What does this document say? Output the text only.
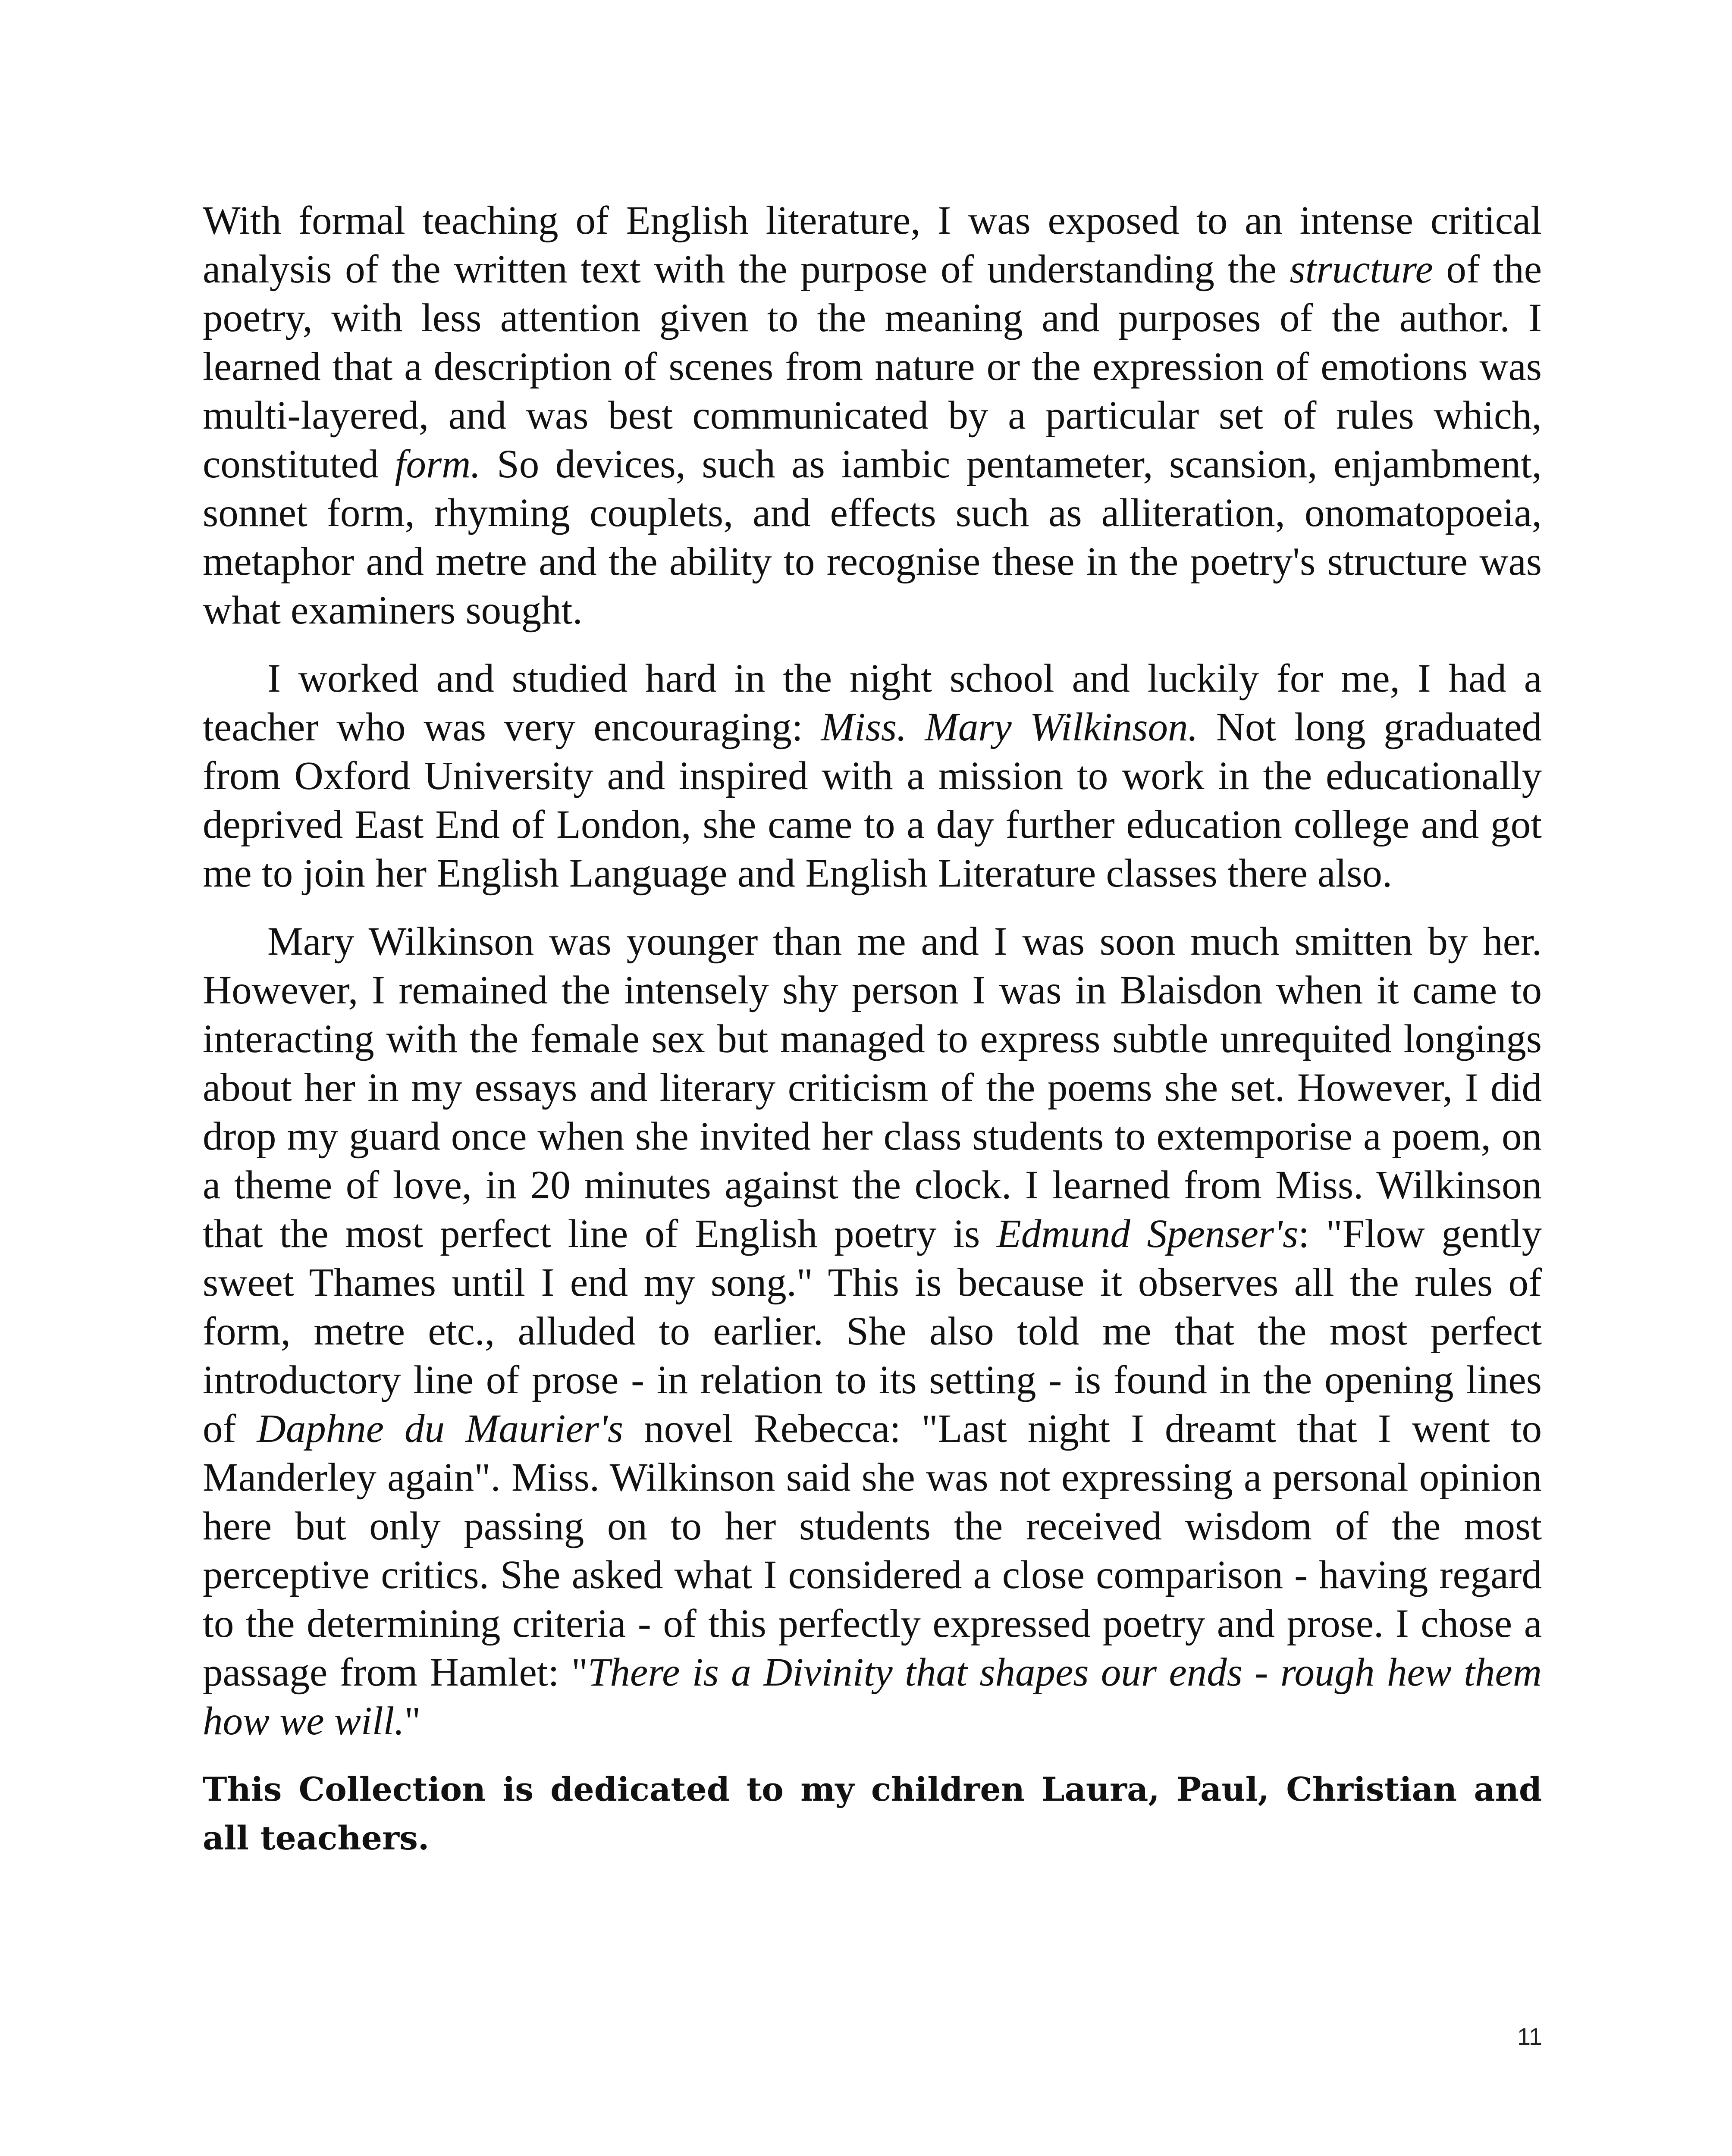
With formal teaching of English literature, I was exposed to an intense critical analysis of the written text with the purpose of understanding the structure of the poetry, with less attention given to the meaning and purposes of the author. I learned that a description of scenes from nature or the expression of emotions was multi-layered, and was best communicated by a particular set of rules which, constituted form. So devices, such as iambic pentameter, scansion, enjambment, sonnet form, rhyming couplets, and effects such as alliteration, onomatopoeia, metaphor and metre and the ability to recognise these in the poetry's structure was what examiners sought.

I worked and studied hard in the night school and luckily for me, I had a teacher who was very encouraging: Miss. Mary Wilkinson. Not long graduated from Oxford University and inspired with a mission to work in the educationally deprived East End of London, she came to a day further education college and got me to join her English Language and English Literature classes there also.

Mary Wilkinson was younger than me and I was soon much smitten by her. However, I remained the intensely shy person I was in Blaisdon when it came to interacting with the female sex but managed to express subtle unrequited longings about her in my essays and literary criticism of the poems she set. However, I did drop my guard once when she invited her class students to extemporise a poem, on a theme of love, in 20 minutes against the clock. I learned from Miss. Wilkinson that the most perfect line of English poetry is Edmund Spenser's: "Flow gently sweet Thames until I end my song." This is because it observes all the rules of form, metre etc., alluded to earlier. She also told me that the most perfect introductory line of prose - in relation to its setting - is found in the opening lines of Daphne du Maurier's novel Rebecca: "Last night I dreamt that I went to Manderley again". Miss. Wilkinson said she was not expressing a personal opinion here but only passing on to her students the received wisdom of the most perceptive critics. She asked what I considered a close comparison - having regard to the determining criteria - of this perfectly expressed poetry and prose. I chose a passage from Hamlet: "There is a Divinity that shapes our ends - rough hew them how we will."

This Collection is dedicated to my children Laura, Paul, Christian and all teachers.

11
